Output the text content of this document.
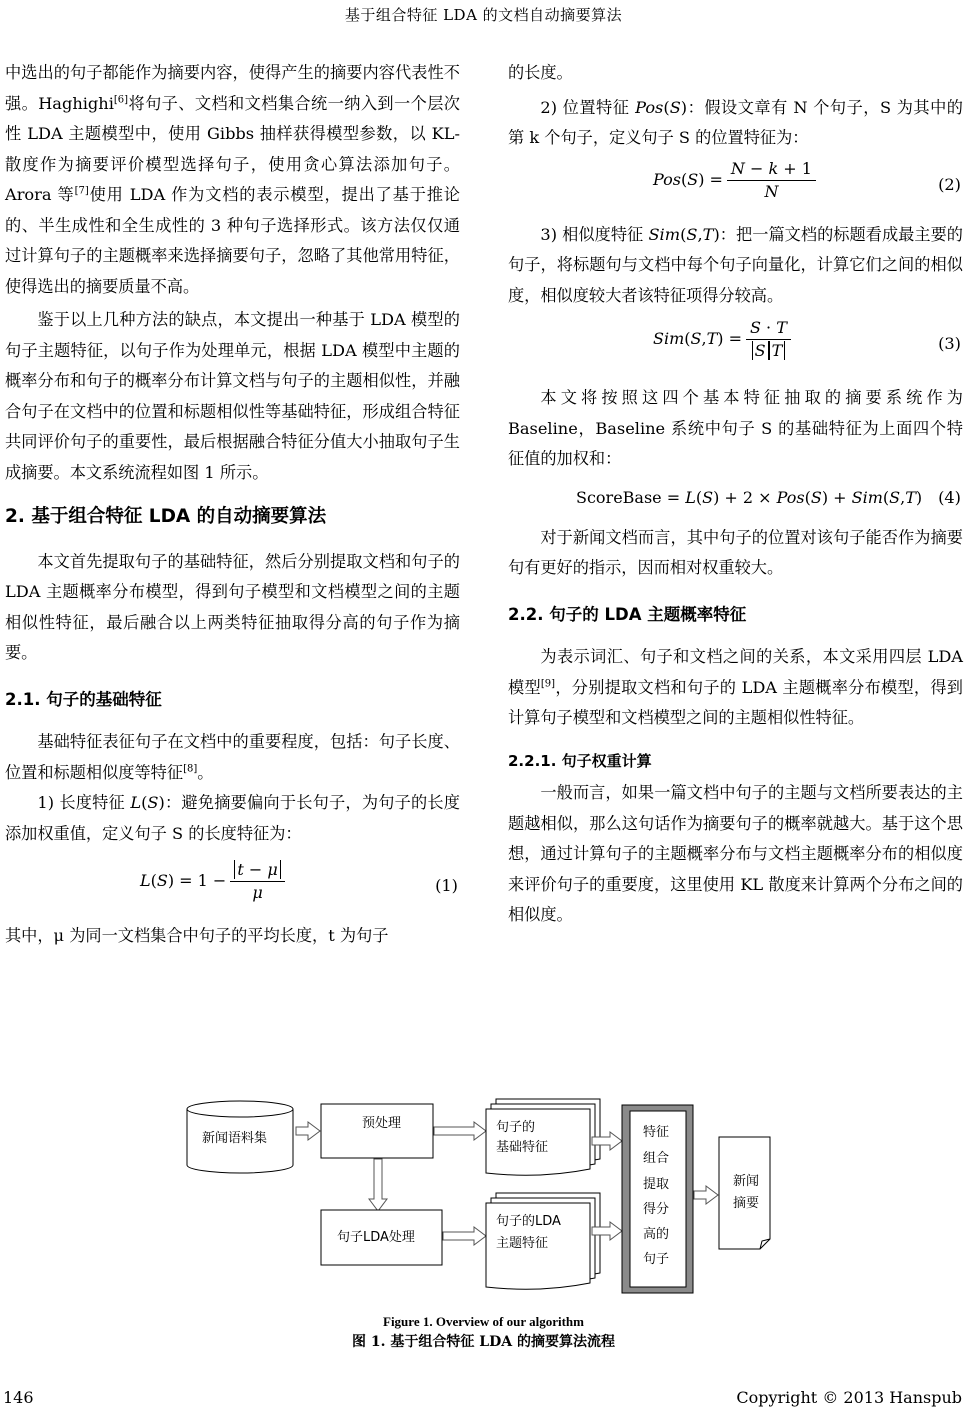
基于组合特征 LDA 的文档自动摘要算法

中选出的句子都能作为摘要内容，使得产生的摘要内容代表性不强。Haghighi[6]将句子、文档和文档集合统一纳入到一个层次性 LDA 主题模型中，使用 Gibbs 抽样获得模型参数，以 KL-散度作为摘要评价模型选择句子，使用贪心算法添加句子。Arora 等[7]使用 LDA 作为文档的表示模型，提出了基于推论的、半生成性和全生成性的 3 种句子选择形式。该方法仅仅通过计算句子的主题概率来选择摘要句子，忽略了其他常用特征，使得选出的摘要质量不高。

鉴于以上几种方法的缺点，本文提出一种基于 LDA 模型的句子主题特征，以句子作为处理单元，根据 LDA 模型中主题的概率分布和句子的概率分布计算文档与句子的主题相似性，并融合句子在文档中的位置和标题相似性等基础特征，形成组合特征共同评价句子的重要性，最后根据融合特征分值大小抽取句子生成摘要。本文系统流程如图 1 所示。

2. 基于组合特征 LDA 的自动摘要算法

本文首先提取句子的基础特征，然后分别提取文档和句子的 LDA 主题概率分布模型，得到句子模型和文档模型之间的主题相似性特征，最后融合以上两类特征抽取得分高的句子作为摘要。

2.1. 句子的基础特征

基础特征表征句子在文档中的重要程度，包括：句子长度、位置和标题相似度等特征[8]。

1) 长度特征 L(S)：避免摘要偏向于长句子，为句子的长度添加权重值，定义句子 S 的长度特征为：

$L(S) = 1 - \frac{t - \mu}{\mu}$	(1)

其中，μ 为同一文档集合中句子的平均长度，t 为句子

的长度。

2) 位置特征 Pos(S)：假设文章有 N 个句子，S 为其中的第 k 个句子，定义句子 S 的位置特征为：

$Pos(S) = \frac{N - k + 1}{N}$	(2)

3) 相似度特征 Sim(S,T)：把一篇文档的标题看成最主要的句子，将标题句与文档中每个句子向量化，计算它们之间的相似度，相似度较大者该特征项得分较高。

$Sim(S,T) = \frac{S \cdot T}{\text{S T}}$	(3)

本文将按照这四个基本特征抽取的摘要系统作为 Baseline，Baseline 系统中句子 S 的基础特征为上面四个特征值的加权和：

ScoreBase = L(S) + 2 × Pos(S) + Sim(S,T) (4)

对于新闻文档而言，其中句子的位置对该句子能否作为摘要句有更好的指示，因而相对权重较大。

2.2. 句子的 LDA 主题概率特征

为表示词汇、句子和文档之间的关系，本文采用四层 LDA 模型[9]，分别提取文档和句子的 LDA 主题概率分布模型，得到计算句子模型和文档模型之间的主题相似性特征。

2.2.1. 句子权重计算

一般而言，如果一篇文档中句子的主题与文档所要表达的主题越相似，那么这句话作为摘要句子的概率就越大。基于这个思想，通过计算句子的主题概率分布与文档主题概率分布的相似度来评价句子的重要度，这里使用 KL 散度来计算两个分布之间的相似度。

新闻语料集
预处理	句子的
基础特征
句子LDA处理
句子的LDA
主题特征
特征
组合
提取
得分
高的
句子
新闻
摘要
Figure 1. Overview of our algorithm
图 1. 基于组合特征 LDA 的摘要算法流程
146	Copyright © 2013 Hanspub
